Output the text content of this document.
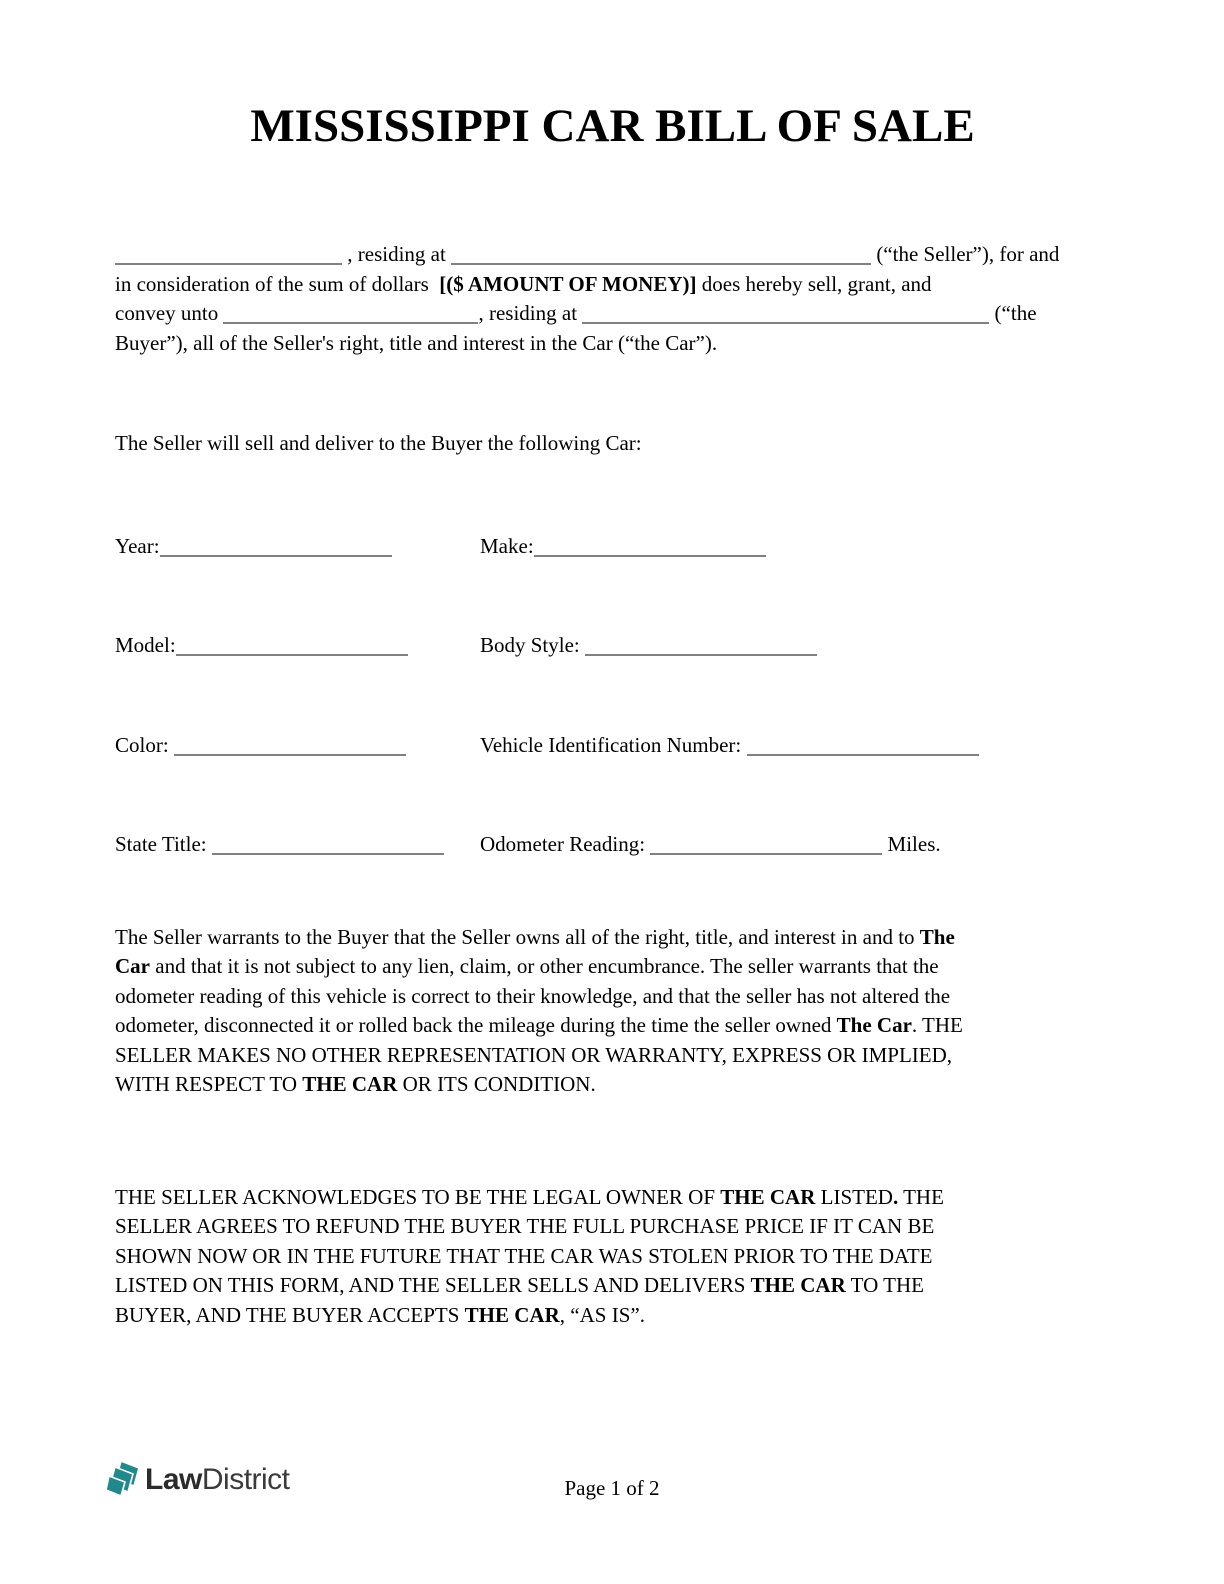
MISSISSIPPI CAR BILL OF SALE
, residing at	(“the Seller”), for and
in consideration of the sum of dollars  [($ AMOUNT OF MONEY)] does hereby sell, grant, and
convey unto	, residing at	(“the
Buyer”), all of the Seller's right, title and interest in the Car (“the Car”).
The Seller will sell and deliver to the Buyer the following Car:
Year:	Make:
Model:	Body Style:
Color:	Vehicle Identification Number:
State Title:	Odometer Reading:	Miles.
The Seller warrants to the Buyer that the Seller owns all of the right, title, and interest in and to The
Car and that it is not subject to any lien, claim, or other encumbrance. The seller warrants that the
odometer reading of this vehicle is correct to their knowledge, and that the seller has not altered the
odometer, disconnected it or rolled back the mileage during the time the seller owned The Car. THE
SELLER MAKES NO OTHER REPRESENTATION OR WARRANTY, EXPRESS OR IMPLIED,
WITH RESPECT TO THE CAR OR ITS CONDITION.
THE SELLER ACKNOWLEDGES TO BE THE LEGAL OWNER OF THE CAR LISTED. THE
SELLER AGREES TO REFUND THE BUYER THE FULL PURCHASE PRICE IF IT CAN BE
SHOWN NOW OR IN THE FUTURE THAT THE CAR WAS STOLEN PRIOR TO THE DATE
LISTED ON THIS FORM, AND THE SELLER SELLS AND DELIVERS THE CAR TO THE
BUYER, AND THE BUYER ACCEPTS THE CAR, “AS IS”.
LawDistrict	Page 1 of 2
